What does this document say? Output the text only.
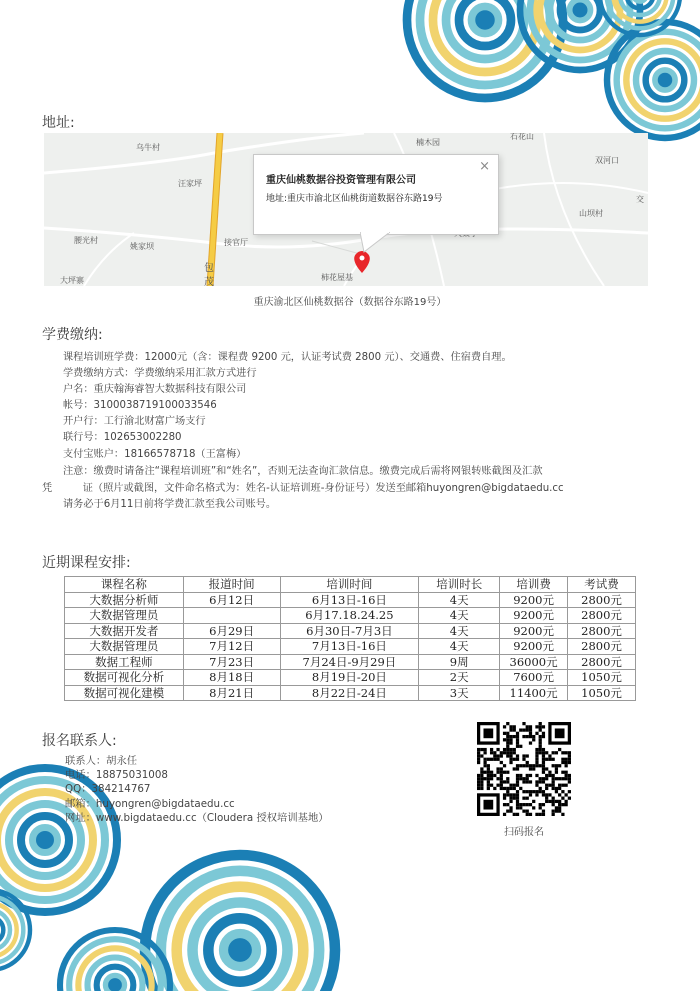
地址:
乌牛村
汪家坪
腰光村
姚家坝
大坪寨
接官厅
柿花屋基
楠木园
石花山
双河口
山坝村
交
包
茂
×
重庆仙桃数据谷投资管理有限公司
地址:重庆市渝北区仙桃街道数据谷东路19号
重庆渝北区仙桃数据谷（数据谷东路19号）
学费缴纳:
课程培训班学费：12000元（含：课程费 9200 元，认证考试费 2800 元）、交通费、住宿费自理。
学费缴纳方式：学费缴纳采用汇款方式进行
户名：重庆翰海睿智大数据科技有限公司
帐号：3100038719100033546
开户行：工行渝北财富广场支行
联行号：102653002280
支付宝账户：18166578718（王富梅）
注意：缴费时请备注“课程培训班”和“姓名”，否则无法查询汇款信息。缴费完成后需将网银转账截图及汇款
凭　　　证（照片或截图，文件命名格式为：姓名-认证培训班-身份证号）发送至邮箱huyongren@bigdataedu.cc
请务必于6月11日前将学费汇款至我公司账号。
近期课程安排:
课程名称	报道时间	培训时间	培训时长	培训费	考试费
大数据分析师	6月12日	6月13日-16日	4天	9200元	2800元
大数据管理员		6月17.18.24.25	4天	9200元	2800元
大数据开发者	6月29日	6月30日-7月3日	4天	9200元	2800元
大数据管理员	7月12日	7月13日-16日	4天	9200元	2800元
数据工程师	7月23日	7月24日-9月29日	9周	36000元	2800元
数据可视化分析	8月18日	8月19日-20日	2天	7600元	1050元
数据可视化建模	8月21日	8月22日-24日	3天	11400元	1050元
报名联系人:
联系人：胡永任
电话：18875031008
QQ：384214767
邮箱：huyongren@bigdataedu.cc
网址：www.bigdataedu.cc（Cloudera 授权培训基地）
扫码报名
